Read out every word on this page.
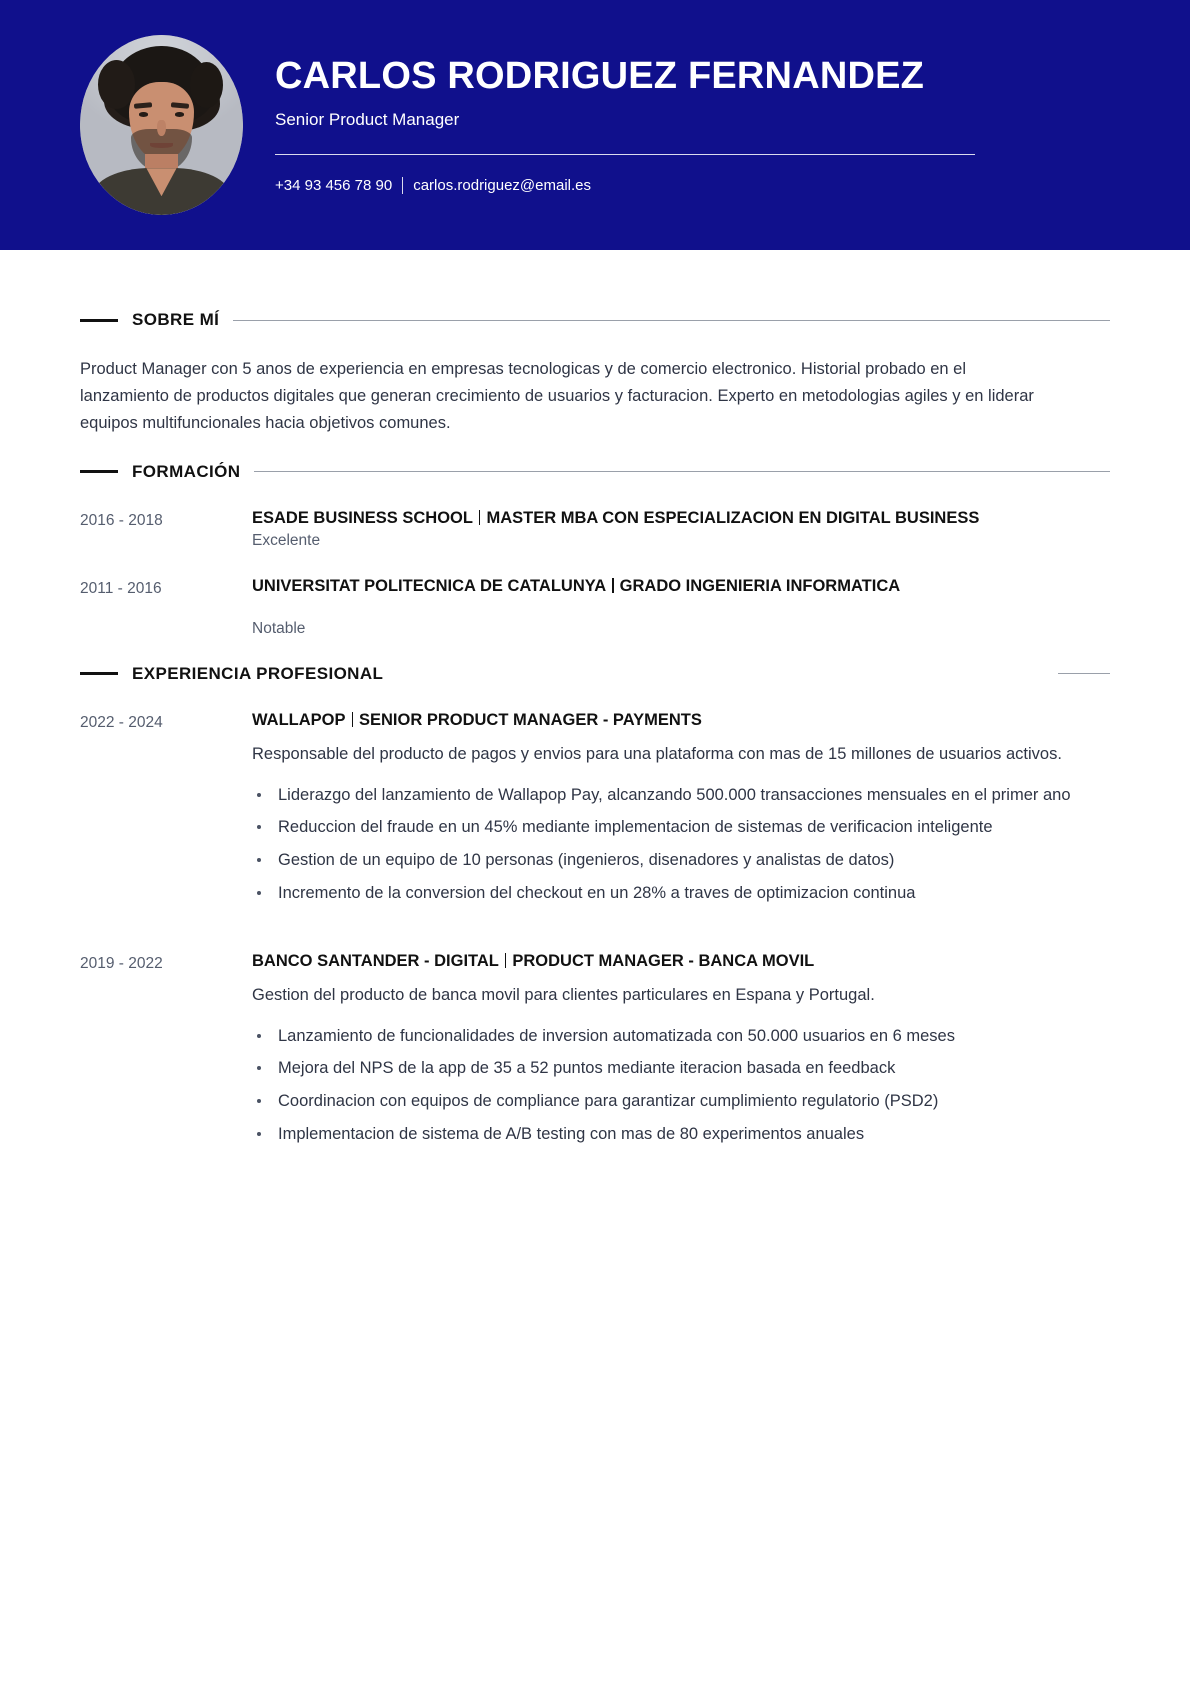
CARLOS RODRIGUEZ FERNANDEZ
Senior Product Manager
+34 93 456 78 90 carlos.rodriguez@email.es
SOBRE MÍ

Product Manager con 5 anos de experiencia en empresas tecnologicas y de comercio electronico. Historial probado en el lanzamiento de productos digitales que generan crecimiento de usuarios y facturacion. Experto en metodologias agiles y en liderar equipos multifuncionales hacia objetivos comunes.

FORMACIÓN
2016 - 2018	ESADE BUSINESS SCHOOL MASTER MBA CON ESPECIALIZACION EN DIGITAL BUSINESS
Excelente
2011 - 2016	UNIVERSITAT POLITECNICA DE CATALUNYA GRADO INGENIERIA INFORMATICA
Notable
EXPERIENCIA PROFESIONAL
2022 - 2024	WALLAPOP SENIOR PRODUCT MANAGER - PAYMENTS

Responsable del producto de pagos y envios para una plataforma con mas de 15 millones de usuarios activos.

Liderazgo del lanzamiento de Wallapop Pay, alcanzando 500.000 transacciones mensuales en el primer ano
Reduccion del fraude en un 45% mediante implementacion de sistemas de verificacion inteligente
Gestion de un equipo de 10 personas (ingenieros, disenadores y analistas de datos)
Incremento de la conversion del checkout en un 28% a traves de optimizacion continua
2019 - 2022	BANCO SANTANDER - DIGITAL PRODUCT MANAGER - BANCA MOVIL

Gestion del producto de banca movil para clientes particulares en Espana y Portugal.

Lanzamiento de funcionalidades de inversion automatizada con 50.000 usuarios en 6 meses
Mejora del NPS de la app de 35 a 52 puntos mediante iteracion basada en feedback
Coordinacion con equipos de compliance para garantizar cumplimiento regulatorio (PSD2)
Implementacion de sistema de A/B testing con mas de 80 experimentos anuales
